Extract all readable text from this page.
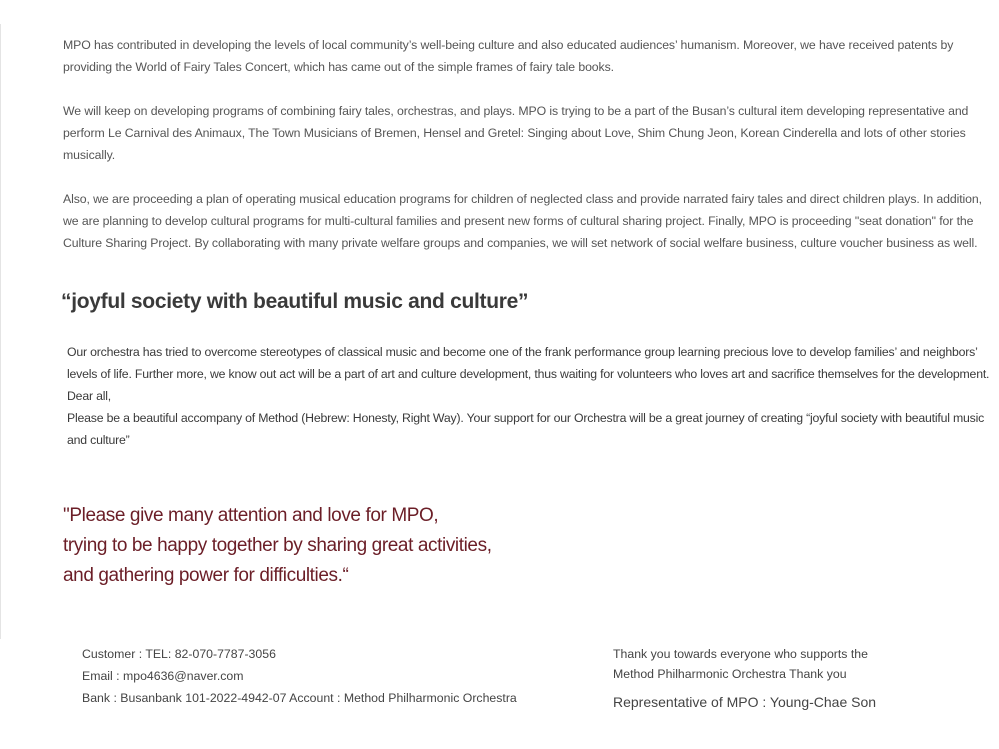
MPO has contributed in developing the levels of local community’s well-being culture and also educated audiences’ humanism. Moreover, we have received patents by providing the World of Fairy Tales Concert, which has came out of the simple frames of fairy tale books.

We will keep on developing programs of combining fairy tales, orchestras, and plays. MPO is trying to be a part of the Busan’s cultural item developing representative and perform Le Carnival des Animaux, The Town Musicians of Bremen, Hensel and Gretel: Singing about Love, Shim Chung Jeon, Korean Cinderella and lots of other stories musically.

Also, we are proceeding a plan of operating musical education programs for children of neglected class and provide narrated fairy tales and direct children plays. In addition, we are planning to develop cultural programs for multi-cultural families and present new forms of cultural sharing project. Finally, MPO is proceeding "seat donation" for the Culture Sharing Project. By collaborating with many private welfare groups and companies, we will set network of social welfare business, culture voucher business as well.

“joyful society with beautiful music and culture”
Our orchestra has tried to overcome stereotypes of classical music and become one of the frank performance group learning precious love to develop families’ and neighbors’ levels of life. Further more, we know out act will be a part of art and culture development, thus waiting for volunteers who loves art and sacrifice themselves for the development.
Dear all,
Please be a beautiful accompany of Method (Hebrew: Honesty, Right Way). Your support for our Orchestra will be a great journey of creating “joyful society with beautiful music and culture”
"Please give many attention and love for MPO,
trying to be happy together by sharing great activities,
and gathering power for difficulties.“
Customer : TEL: 82-070-7787-3056
Email : mpo4636@naver.com
Bank : Busanbank 101-2022-4942-07 Account : Method Philharmonic Orchestra
Thank you towards everyone who supports the
Method Philharmonic Orchestra Thank you
Representative of MPO : Young-Chae Son
